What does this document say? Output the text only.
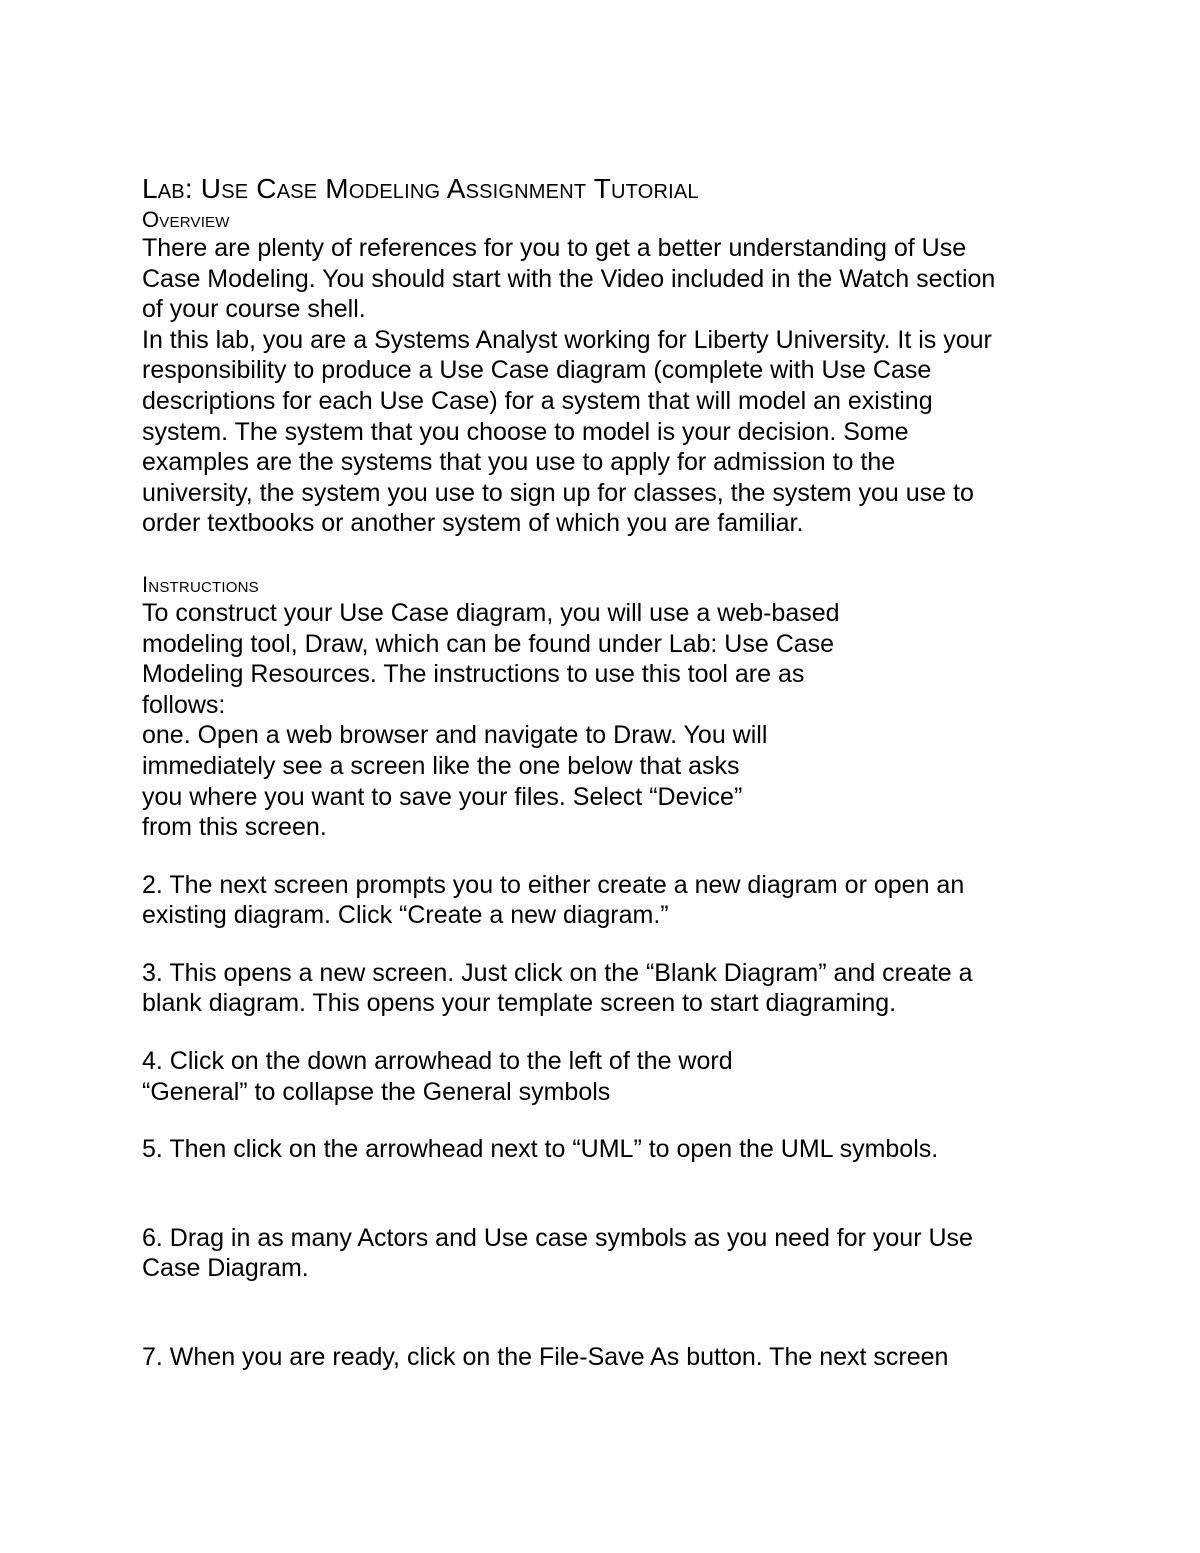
Lab: Use Case Modeling Assignment Tutorial
Overview

There are plenty of references for you to get a better understanding of Use
Case Modeling. You should start with the Video included in the Watch section
of your course shell.

In this lab, you are a Systems Analyst working for Liberty University. It is your
responsibility to produce a Use Case diagram (complete with Use Case
descriptions for each Use Case) for a system that will model an existing
system. The system that you choose to model is your decision. Some
examples are the systems that you use to apply for admission to the
university, the system you use to sign up for classes, the system you use to
order textbooks or another system of which you are familiar.

Instructions

To construct your Use Case diagram, you will use a web-based
modeling tool, Draw, which can be found under Lab: Use Case
Modeling Resources. The instructions to use this tool are as
follows:

one. Open a web browser and navigate to Draw. You will
immediately see a screen like the one below that asks
you where you want to save your files. Select “Device”
from this screen.

2. The next screen prompts you to either create a new diagram or open an
existing diagram. Click “Create a new diagram.”

3. This opens a new screen. Just click on the “Blank Diagram” and create a
blank diagram. This opens your template screen to start diagraming.

4. Click on the down arrowhead to the left of the word
“General” to collapse the General symbols

5. Then click on the arrowhead next to “UML” to open the UML symbols.

6. Drag in as many Actors and Use case symbols as you need for your Use
Case Diagram.

7. When you are ready, click on the File-Save As button. The next screen
